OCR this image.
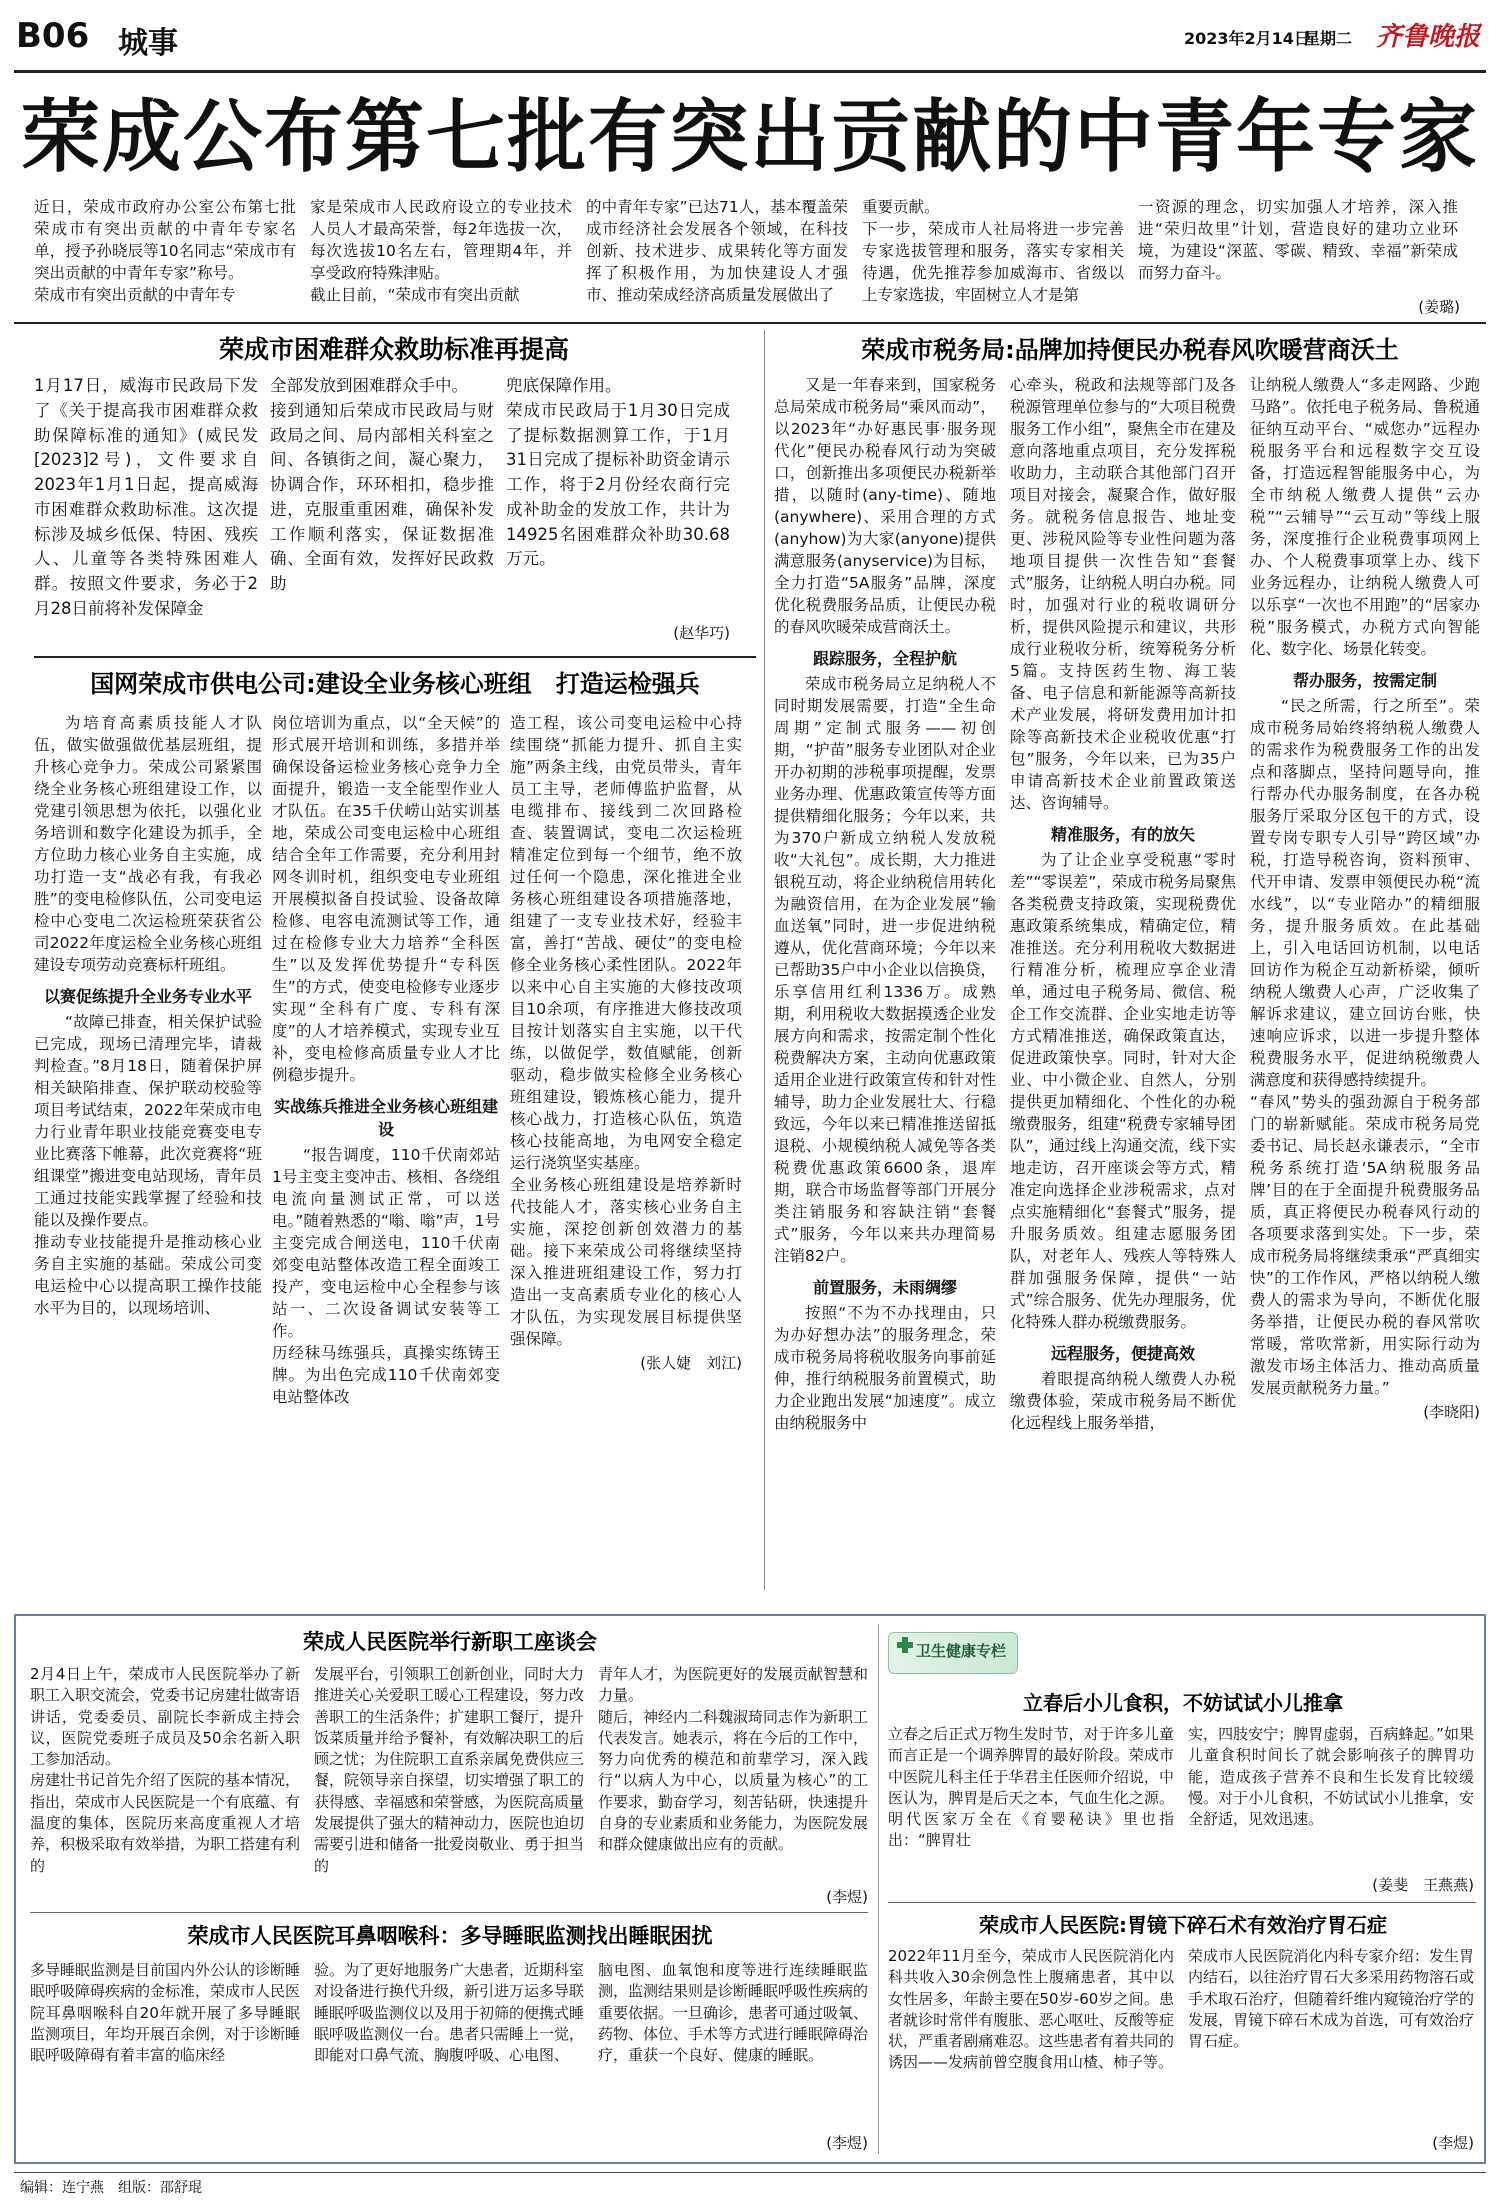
B06 城事	2023年2月14日
星期二 齐鲁晚报
荣成公布第七批有突出贡献的中青年专家
近日，荣成市政府办公室公布第七批荣成市有突出贡献的中青年专家名单，授予孙晓辰等10名同志“荣成市有突出贡献的中青年专家”称号。
荣成市有突出贡献的中青年专
家是荣成市人民政府设立的专业技术人员人才最高荣誉，每2年选拔一次，每次选拔10名左右，管理期4年，并享受政府特殊津贴。
截止目前，“荣成市有突出贡献
的中青年专家”已达71人，基本覆盖荣成市经济社会发展各个领域，在科技创新、技术进步、成果转化等方面发挥了积极作用，为加快建设人才强市、推动荣成经济高质量发展做出了
重要贡献。
下一步，荣成市人社局将进一步完善专家选拔管理和服务，落实专家相关待遇，优先推荐参加威海市、省级以上专家选拔，牢固树立人才是第
一资源的理念，切实加强人才培养，深入推进“荣归故里”计划，营造良好的建功立业环境，为建设“深蓝、零碳、精致、幸福”新荣成而努力奋斗。
(姜璐)
荣成市困难群众救助标准再提高
1月17日，威海市民政局下发了《关于提高我市困难群众救助保障标准的通知》(威民发[2023]2号)，文件要求自2023年1月1日起，提高威海市困难群众救助标准。这次提标涉及城乡低保、特困、残疾人、儿童等各类特殊困难人群。按照文件要求，务必于2月28日前将补发保障金
全部发放到困难群众手中。
接到通知后荣成市民政局与财政局之间、局内部相关科室之间、各镇街之间，凝心聚力，协调合作，环环相扣，稳步推进，克服重重困难，确保补发工作顺利落实，保证数据准确、全面有效，发挥好民政救助
兜底保障作用。
荣成市民政局于1月30日完成了提标数据测算工作，于1月31日完成了提标补助资金请示工作，将于2月份经农商行完成补助金的发放工作，共计为14925名困难群众补助30.68万元。
(赵华巧)
国网荣成市供电公司:建设全业务核心班组　打造运检强兵
为培育高素质技能人才队伍，做实做强做优基层班组，提升核心竞争力。荣成公司紧紧围绕全业务核心班组建设工作，以党建引领思想为依托，以强化业务培训和数字化建设为抓手，全方位助力核心业务自主实施，成功打造一支“战必有我，有我必胜”的变电检修队伍，公司变电运检中心变电二次运检班荣获省公司2022年度运检全业务核心班组建设专项劳动竞赛标杆班组。
以赛促练提升全业务专业水平
“故障已排查，相关保护试验已完成，现场已清理完毕，请裁判检查。”8月18日，随着保护屏相关缺陷排查、保护联动校验等项目考试结束，2022年荣成市电力行业青年职业技能竞赛变电专业比赛落下帷幕，此次竞赛将“班组课堂”搬进变电站现场，青年员工通过技能实践掌握了经验和技能以及操作要点。
推动专业技能提升是推动核心业务自主实施的基础。荣成公司变电运检中心以提高职工操作技能水平为目的，以现场培训、
岗位培训为重点，以“全天候”的形式展开培训和训练，多措并举确保设备运检业务核心竞争力全面提升，锻造一支全能型作业人才队伍。在35千伏崂山站实训基地，荣成公司变电运检中心班组结合全年工作需要，充分利用封网冬训时机，组织变电专业班组开展模拟备自投试验、设备故障检修、电容电流测试等工作，通过在检修专业大力培养“全科医生”以及发挥优势提升“专科医生”的方式，使变电检修专业逐步实现“全科有广度、专科有深度”的人才培养模式，实现专业互补，变电检修高质量专业人才比例稳步提升。
实战练兵推进全业务核心班组建设
“报告调度，110千伏南郊站1号主变主变冲击、核相、各绕组电流向量测试正常，可以送电。”随着熟悉的“嗡、嗡”声，1号主变完成合闸送电，110千伏南郊变电站整体改造工程全面竣工投产，变电运检中心全程参与该站一、二次设备调试安装等工作。
历经秣马练强兵，真操实练铸王牌。为出色完成110千伏南郊变电站整体改
造工程，该公司变电运检中心持续围绕“抓能力提升、抓自主实施”两条主线，由党员带头，青年员工主导，老师傅监护监督，从电缆排布、接线到二次回路检查、装置调试，变电二次运检班精准定位到每一个细节，绝不放过任何一个隐患，深化推进全业务核心班组建设各项措施落地，组建了一支专业技术好，经验丰富，善打“苦战、硬仗”的变电检修全业务核心柔性团队。2022年以来中心自主实施的大修技改项目10余项，有序推进大修技改项目按计划落实自主实施，以干代练，以做促学，数值赋能，创新驱动，稳步做实检修全业务核心班组建设，锻炼核心能力，提升核心战力，打造核心队伍，筑造核心技能高地，为电网安全稳定运行浇筑坚实基座。
全业务核心班组建设是培养新时代技能人才，落实核心业务自主实施，深挖创新创效潜力的基础。接下来荣成公司将继续坚持深入推进班组建设工作，努力打造出一支高素质专业化的核心人才队伍，为实现发展目标提供坚强保障。
(张人婕　刘江)
荣成市税务局:品牌加持便民办税春风吹暖营商沃土
又是一年春来到，国家税务总局荣成市税务局“乘风而动”，以2023年“办好惠民事·服务现代化”便民办税春风行动为突破口，创新推出多项便民办税新举措，以随时(any-time)、随地(anywhere)、采用合理的方式(anyhow)为大家(anyone)提供满意服务(anyservice)为目标，全力打造“5A服务”品牌，深度优化税费服务品质，让便民办税的春风吹暖荣成营商沃土。
跟踪服务，全程护航
荣成市税务局立足纳税人不同时期发展需要，打造“全生命周期”定制式服务——初创期，“护苗”服务专业团队对企业开办初期的涉税事项提醒，发票业务办理、优惠政策宣传等方面提供精细化服务；今年以来，共为370户新成立纳税人发放税收“大礼包”。成长期，大力推进银税互动，将企业纳税信用转化为融资信用，在为企业发展“输血送氧”同时，进一步促进纳税遵从，优化营商环境；今年以来已帮助35户中小企业以信换贷，乐享信用红利1336万。成熟期，利用税收大数据摸透企业发展方向和需求，按需定制个性化税费解决方案，主动向优惠政策适用企业进行政策宣传和针对性辅导，助力企业发展壮大、行稳致远，今年以来已精准推送留抵退税、小规模纳税人减免等各类税费优惠政策6600条，退库期，联合市场监督等部门开展分类注销服务和容缺注销“套餐式”服务，今年以来共办理简易注销82户。
前置服务，未雨绸缪
按照“不为不办找理由，只为办好想办法”的服务理念，荣成市税务局将税收服务向事前延伸，推行纳税服务前置模式，助力企业跑出发展“加速度”。成立由纳税服务中
心牵头，税政和法规等部门及各税源管理单位参与的“大项目税费服务工作小组”，聚焦全市在建及意向落地重点项目，充分发挥税收助力，主动联合其他部门召开项目对接会，凝聚合作，做好服务。就税务信息报告、地址变更、涉税风险等专业性问题为落地项目提供一次性告知“套餐式”服务，让纳税人明白办税。同时，加强对行业的税收调研分析，提供风险提示和建议，共形成行业税收分析，统筹税务分析5篇。支持医药生物、海工装备、电子信息和新能源等高新技术产业发展，将研发费用加计扣除等高新技术企业税收优惠“打包”服务，今年以来，已为35户申请高新技术企业前置政策送达、咨询辅导。
精准服务，有的放矢
为了让企业享受税惠“零时差”“零误差”，荣成市税务局聚焦各类税费支持政策，实现税费优惠政策系统集成，精确定位，精准推送。充分利用税收大数据进行精准分析，梳理应享企业清单，通过电子税务局、微信、税企工作交流群、企业实地走访等方式精准推送，确保政策直达，促进政策快享。同时，针对大企业、中小微企业、自然人，分别提供更加精细化、个性化的办税缴费服务，组建“税费专家辅导团队”，通过线上沟通交流，线下实地走访，召开座谈会等方式，精准定向选择企业涉税需求，点对点实施精细化“套餐式”服务，提升服务质效。组建志愿服务团队，对老年人、残疾人等特殊人群加强服务保障，提供“一站式”综合服务、优先办理服务，优化特殊人群办税缴费服务。
远程服务，便捷高效
着眼提高纳税人缴费人办税缴费体验，荣成市税务局不断优化远程线上服务举措，
让纳税人缴费人“多走网路、少跑马路”。依托电子税务局、鲁税通征纳互动平台、“威您办”远程办税服务平台和远程数字交互设备，打造远程智能服务中心，为全市纳税人缴费人提供“云办税”“云辅导”“云互动”等线上服务，深度推行企业税费事项网上办、个人税费事项掌上办、线下业务远程办，让纳税人缴费人可以乐享“一次也不用跑”的“居家办税”服务模式，办税方式向智能化、数字化、场景化转变。
帮办服务，按需定制
“民之所需，行之所至”。荣成市税务局始终将纳税人缴费人的需求作为税费服务工作的出发点和落脚点，坚持问题导向，推行帮办代办服务制度，在各办税服务厅采取分区包干的方式，设置专岗专职专人引导“跨区域”办税，打造导税咨询，资料预审、代开申请、发票申领便民办税“流水线”，以“专业陪办”的精细服务，提升服务质效。在此基础上，引入电话回访机制，以电话回访作为税企互动新桥梁，倾听纳税人缴费人心声，广泛收集了解诉求建议，建立回访台账，快速响应诉求，以进一步提升整体税费服务水平，促进纳税缴费人满意度和获得感持续提升。
“春风”势头的强劲源自于税务部门的崭新赋能。荣成市税务局党委书记、局长赵永谦表示，“全市税务系统打造‘5A纳税服务品牌’目的在于全面提升税费服务品质，真正将便民办税春风行动的各项要求落到实处。下一步，荣成市税务局将继续秉承“严真细实快”的工作作风，严格以纳税人缴费人的需求为导向，不断优化服务举措，让便民办税的春风常吹常暖，常吹常新，用实际行动为激发市场主体活力、推动高质量发展贡献税务力量。”
(李晓阳)
荣成人民医院举行新职工座谈会
2月4日上午，荣成市人民医院举办了新职工入职交流会，党委书记房建壮做寄语讲话，党委委员、副院长李新成主持会议，医院党委班子成员及50余名新入职工参加活动。
房建壮书记首先介绍了医院的基本情况，指出，荣成市人民医院是一个有底蕴、有温度的集体，医院历来高度重视人才培养，积极采取有效举措，为职工搭建有利的
发展平台，引领职工创新创业，同时大力推进关心关爱职工暖心工程建设，努力改善职工的生活条件；扩建职工餐厅，提升饭菜质量并给予餐补，有效解决职工的后顾之忧；为住院职工直系亲属免费供应三餐，院领导亲自探望，切实增强了职工的获得感、幸福感和荣誉感，为医院高质量发展提供了强大的精神动力，医院也迫切需要引进和储备一批爱岗敬业、勇于担当的
青年人才，为医院更好的发展贡献智慧和力量。
随后，神经内二科魏淑琦同志作为新职工代表发言。她表示，将在今后的工作中，努力向优秀的模范和前辈学习，深入践行“以病人为中心，以质量为核心”的工作要求，勤奋学习，刻苦钻研，快速提升自身的专业素质和业务能力，为医院发展和群众健康做出应有的贡献。
(李煜)
荣成市人民医院耳鼻咽喉科：多导睡眠监测找出睡眠困扰
多导睡眠监测是目前国内外公认的诊断睡眠呼吸障碍疾病的金标准，荣成市人民医院耳鼻咽喉科自20年就开展了多导睡眠监测项目，年均开展百余例，对于诊断睡眠呼吸障碍有着丰富的临床经
验。为了更好地服务广大患者，近期科室对设备进行换代升级，新引进万运多导联睡眠呼吸监测仪以及用于初筛的便携式睡眠呼吸监测仪一台。患者只需睡上一觉，即能对口鼻气流、胸腹呼吸、心电图、
脑电图、血氧饱和度等进行连续睡眠监测，监测结果则是诊断睡眠呼吸性疾病的重要依据。一旦确诊，患者可通过吸氧、药物、体位、手术等方式进行睡眠障碍治疗，重获一个良好、健康的睡眠。
(李煜)
卫生健康专栏
立春后小儿食积，不妨试试小儿推拿
立春之后正式万物生发时节，对于许多儿童而言正是一个调养脾胃的最好阶段。荣成市中医院儿科主任于华君主任医师介绍说，中医认为，脾胃是后天之本，气血生化之源。明代医家万全在《育婴秘诀》里也指出：“脾胃壮
实，四肢安宁；脾胃虚弱，百病蜂起。”如果儿童食积时间长了就会影响孩子的脾胃功能，造成孩子营养不良和生长发育比较缓慢。对于小儿食积，不妨试试小儿推拿，安全舒适，见效迅速。
(姜斐　王燕燕)
荣成市人民医院:胃镜下碎石术有效治疗胃石症
2022年11月至今，荣成市人民医院消化内科共收入30余例急性上腹痛患者，其中以女性居多，年龄主要在50岁-60岁之间。患者就诊时常伴有腹胀、恶心呕吐、反酸等症状，严重者剧痛难忍。这些患者有着共同的诱因——发病前曾空腹食用山楂、柿子等。
荣成市人民医院消化内科专家介绍：发生胃内结石，以往治疗胃石大多采用药物溶石或手术取石治疗，但随着纤维内窥镜治疗学的发展，胃镜下碎石术成为首选，可有效治疗胃石症。
(李煜)
编辑：连宁燕　组版：邵舒琨
